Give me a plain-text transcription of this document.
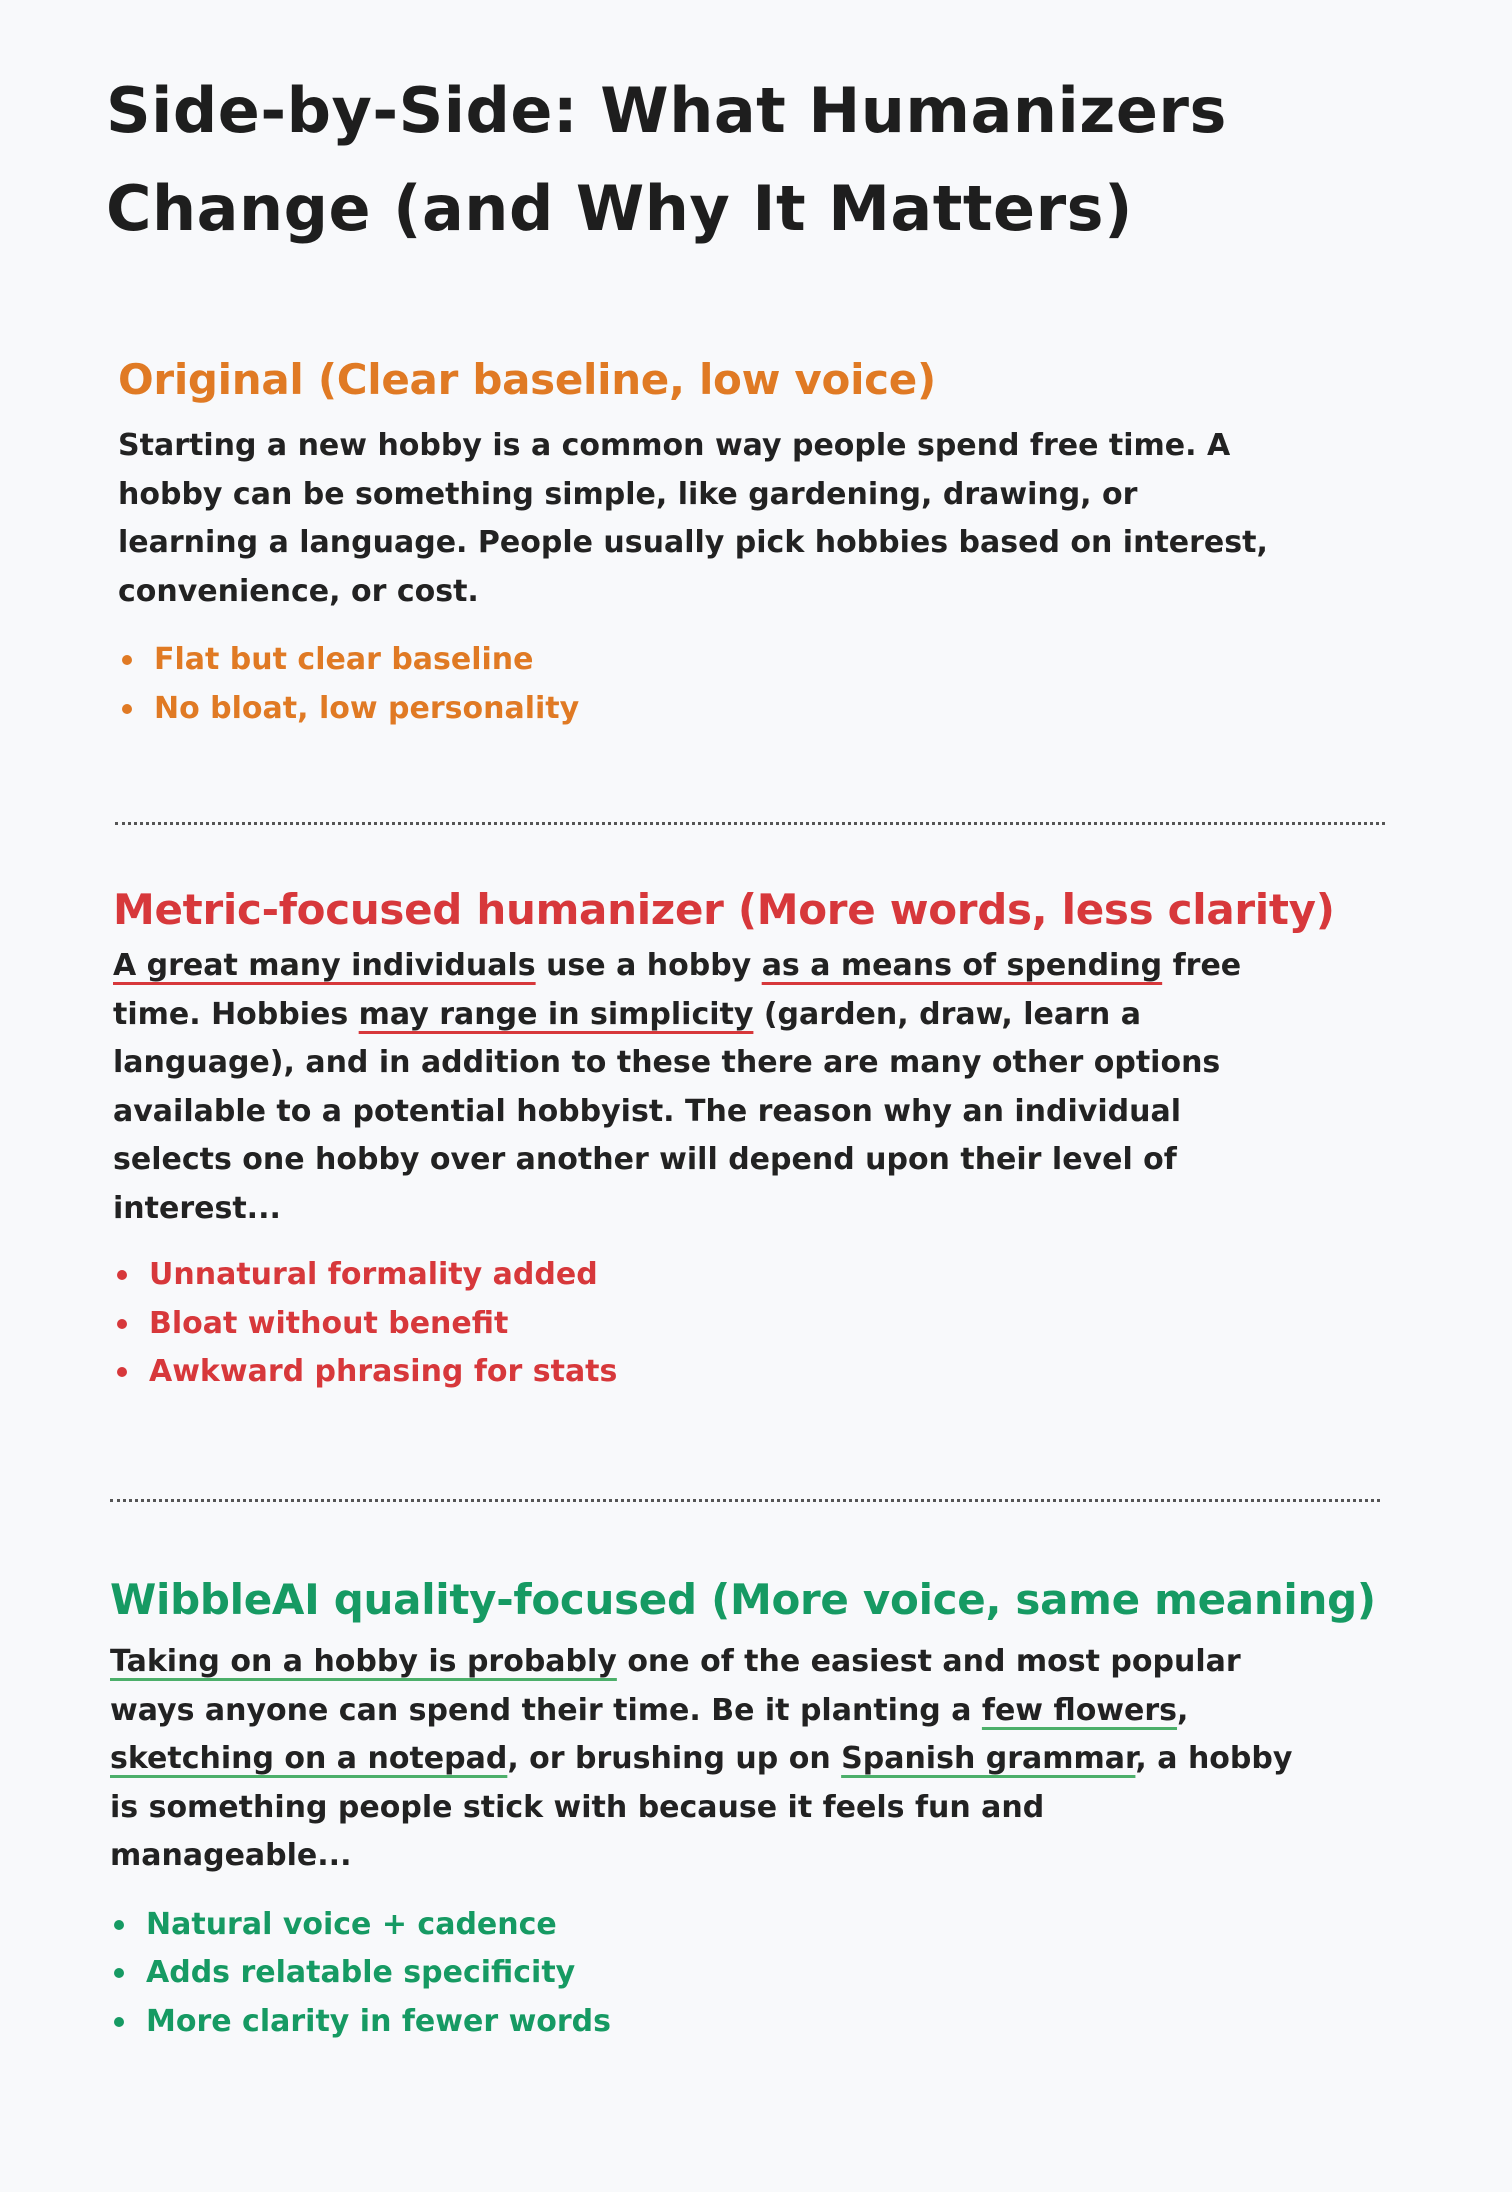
Side-by-Side: What Humanizers
Change (and Why It Matters)
Original (Clear baseline, low voice)

Starting a new hobby is a common way people spend free time. A
hobby can be something simple, like gardening, drawing, or
learning a language. People usually pick hobbies based on interest,
convenience, or cost.

Flat but clear baseline
No bloat, low personality
Metric-focused humanizer (More words, less clarity)

A great many individuals use a hobby as a means of spending free
time. Hobbies may range in simplicity (garden, draw, learn a
language), and in addition to these there are many other options
available to a potential hobbyist. The reason why an individual
selects one hobby over another will depend upon their level of
interest...

Unnatural formality added
Bloat without benefit
Awkward phrasing for stats
WibbleAI quality-focused (More voice, same meaning)

Taking on a hobby is probably one of the easiest and most popular
ways anyone can spend their time. Be it planting a few flowers,
sketching on a notepad, or brushing up on Spanish grammar, a hobby
is something people stick with because it feels fun and
manageable...

Natural voice + cadence
Adds relatable specificity
More clarity in fewer words
